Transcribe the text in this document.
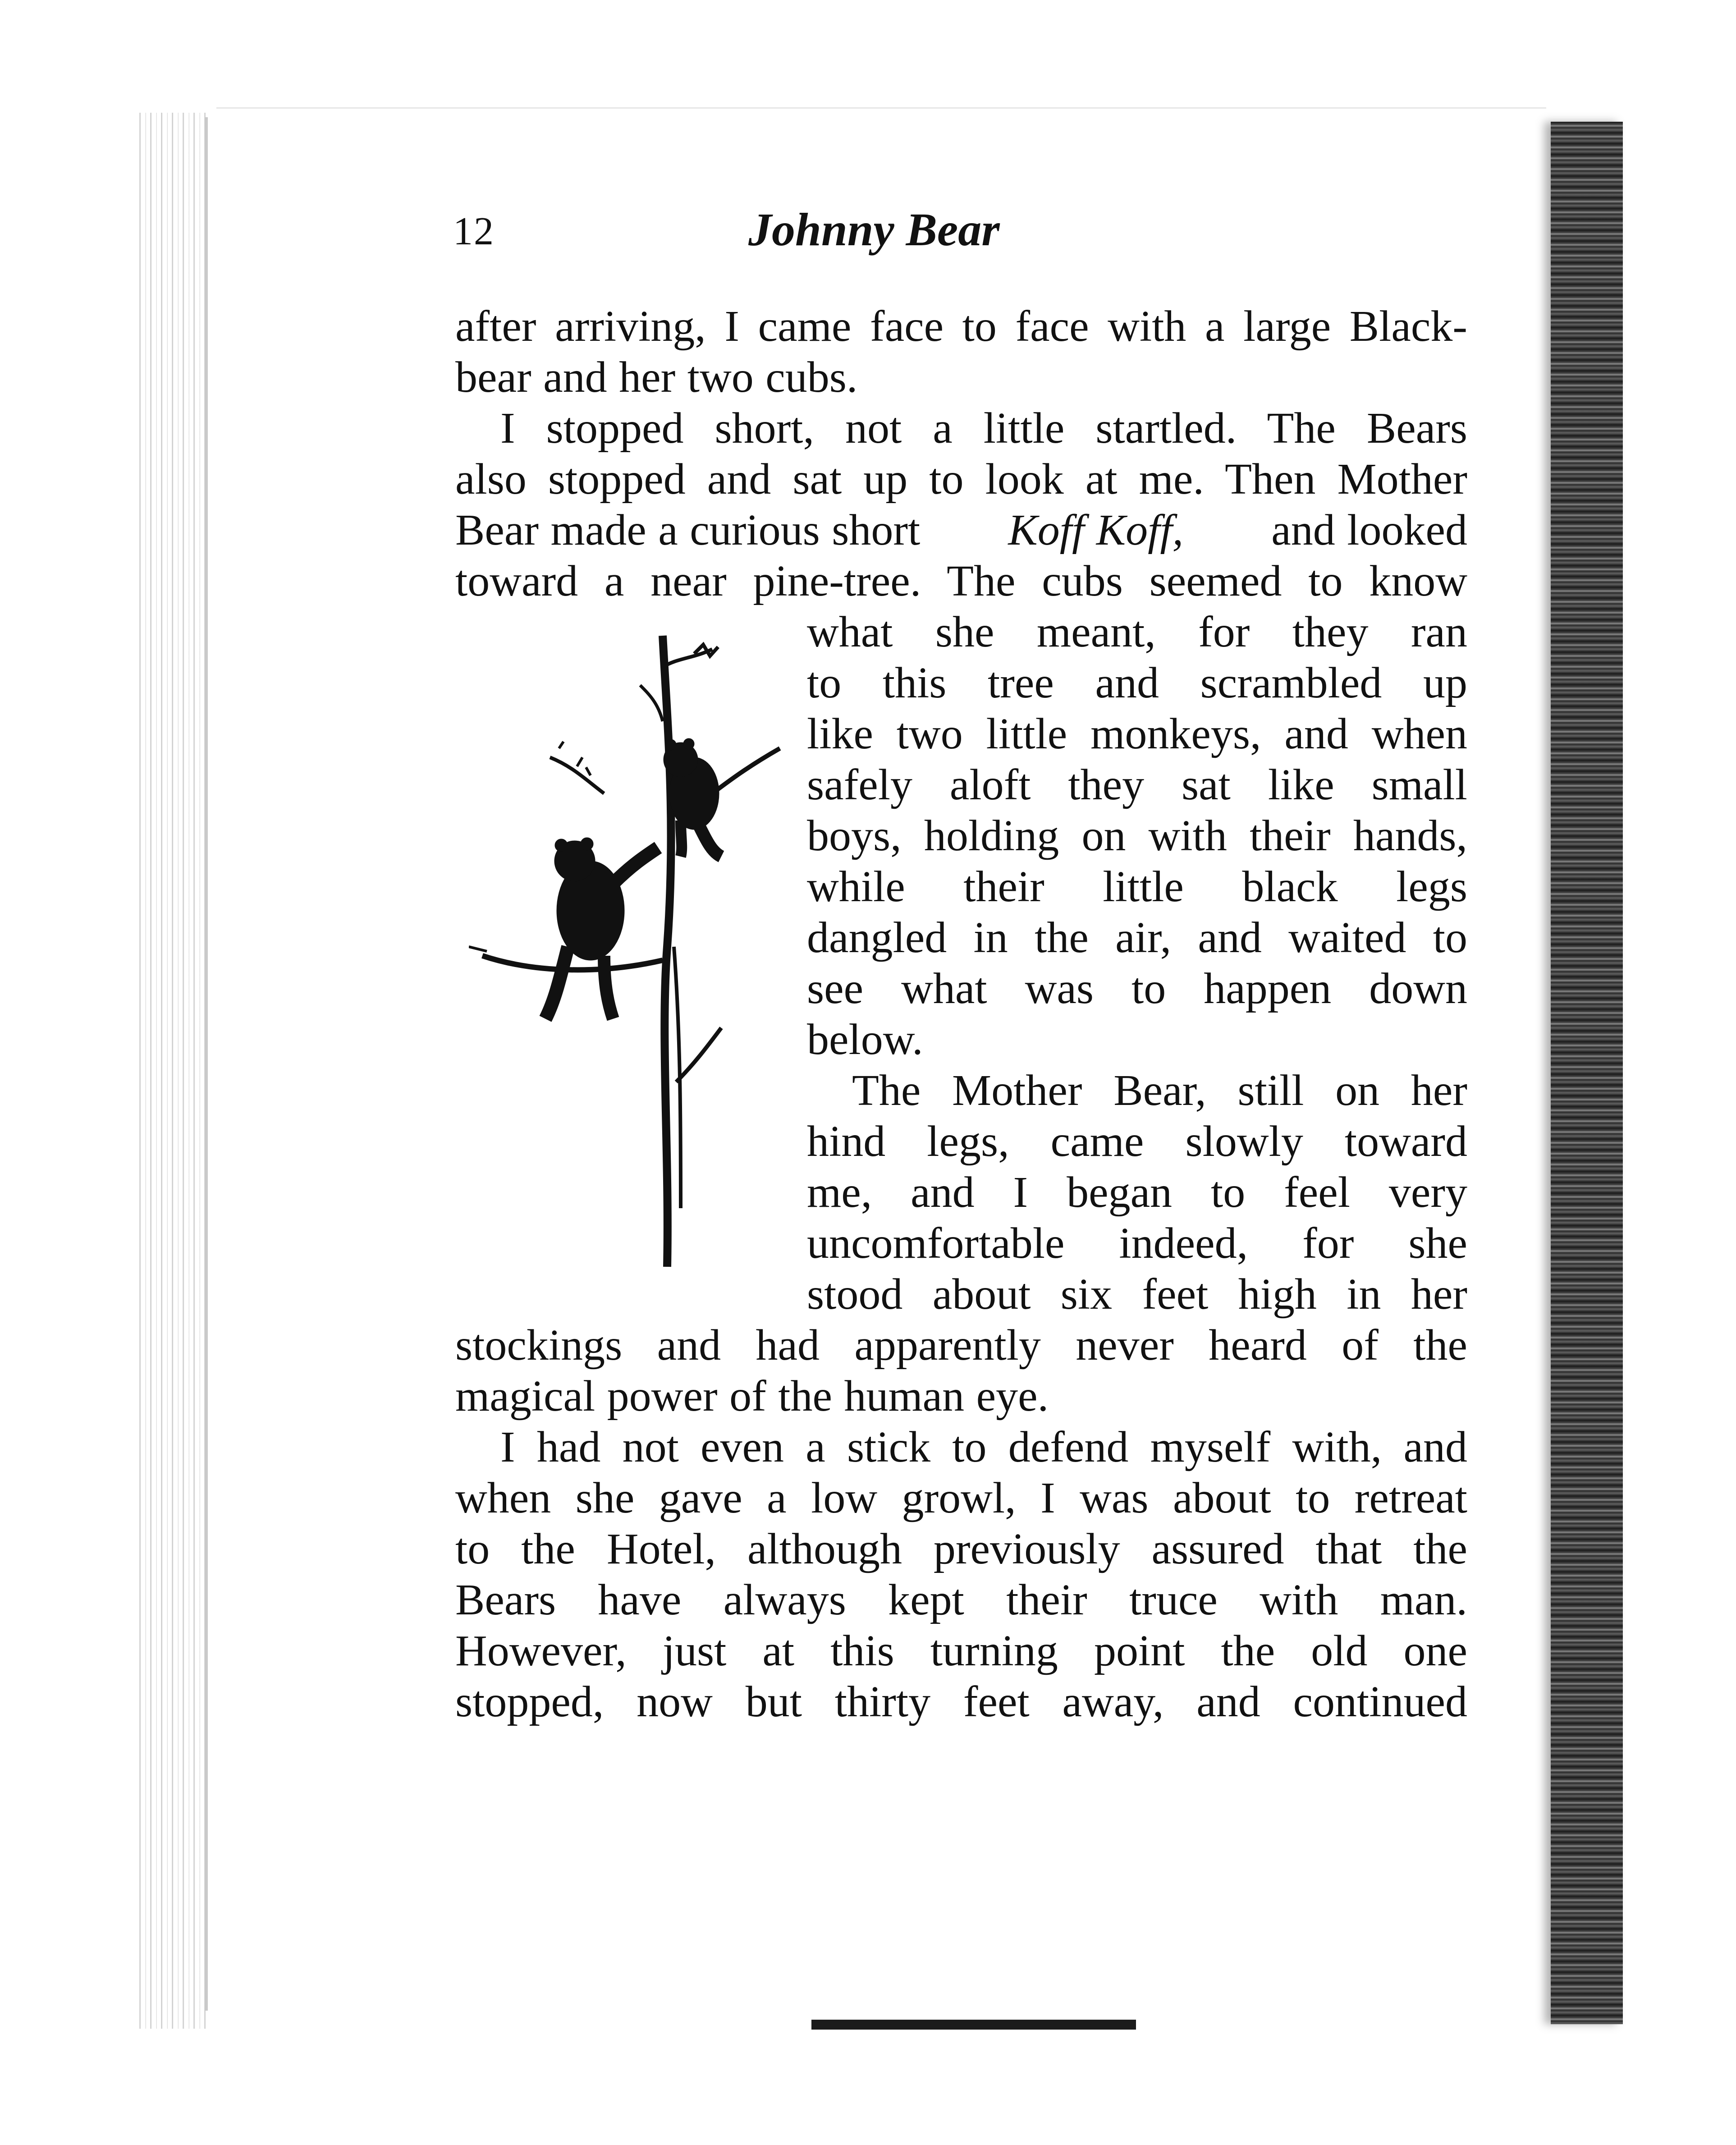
12	Johnny Bear
after arriving, I came face to face with a large Black-
bear and her two cubs.
I stopped short, not a little startled. The Bears
also stopped and sat up to look at me. Then Mother
Bear made a curious short Koff Koff, and looked
toward a near pine-tree. The cubs seemed to know
what she meant, for they ran
to this tree and scrambled up
like two little monkeys, and when
safely aloft they sat like small
boys, holding on with their hands,
while their little black legs
dangled in the air, and waited to
see what was to happen down
below.
The Mother Bear, still on her
hind legs, came slowly toward
me, and I began to feel very
uncomfortable indeed, for she
stood about six feet high in her
stockings and had apparently never heard of the
magical power of the human eye.
I had not even a stick to defend myself with, and
when she gave a low growl, I was about to retreat
to the Hotel, although previously assured that the
Bears have always kept their truce with man.
However, just at this turning point the old one
stopped, now but thirty feet away, and continued
